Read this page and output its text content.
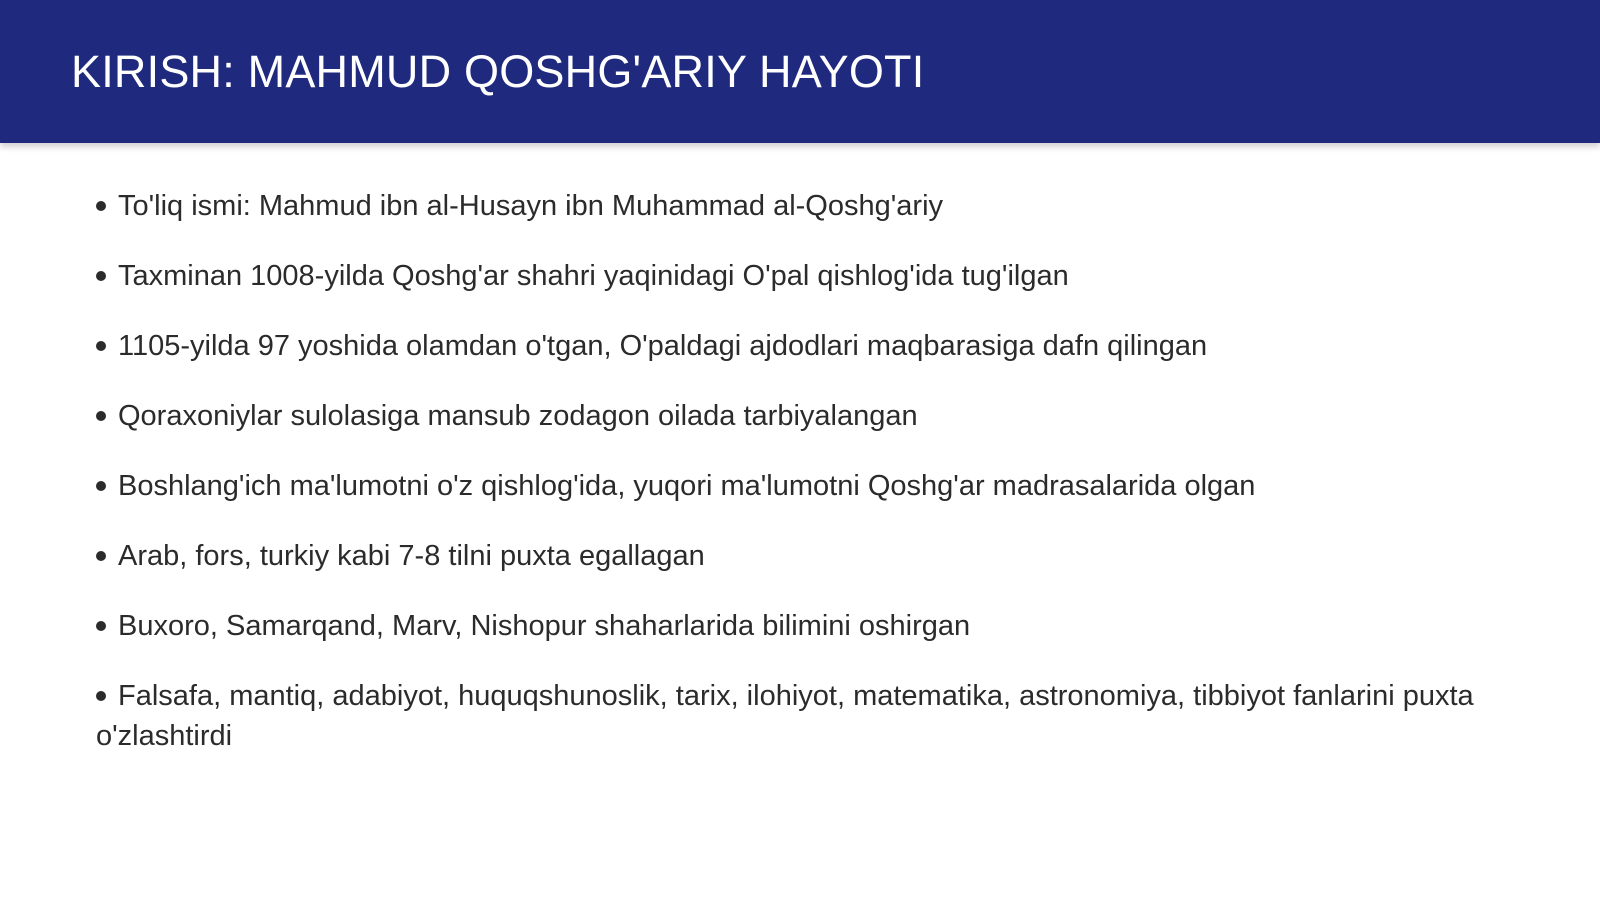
KIRISH: MAHMUD QOSHG'ARIY HAYOTI
To'liq ismi: Mahmud ibn al-Husayn ibn Muhammad al-Qoshg'ariy
Taxminan 1008-yilda Qoshg'ar shahri yaqinidagi O'pal qishlog'ida tug'ilgan
1105-yilda 97 yoshida olamdan o'tgan, O'paldagi ajdodlari maqbarasiga dafn qilingan
Qoraxoniylar sulolasiga mansub zodagon oilada tarbiyalangan
Boshlang'ich ma'lumotni o'z qishlog'ida, yuqori ma'lumotni Qoshg'ar madrasalarida olgan
Arab, fors, turkiy kabi 7-8 tilni puxta egallagan
Buxoro, Samarqand, Marv, Nishopur shaharlarida bilimini oshirgan
Falsafa, mantiq, adabiyot, huquqshunoslik, tarix, ilohiyot, matematika, astronomiya, tibbiyot fanlarini puxta o'zlashtirdi
